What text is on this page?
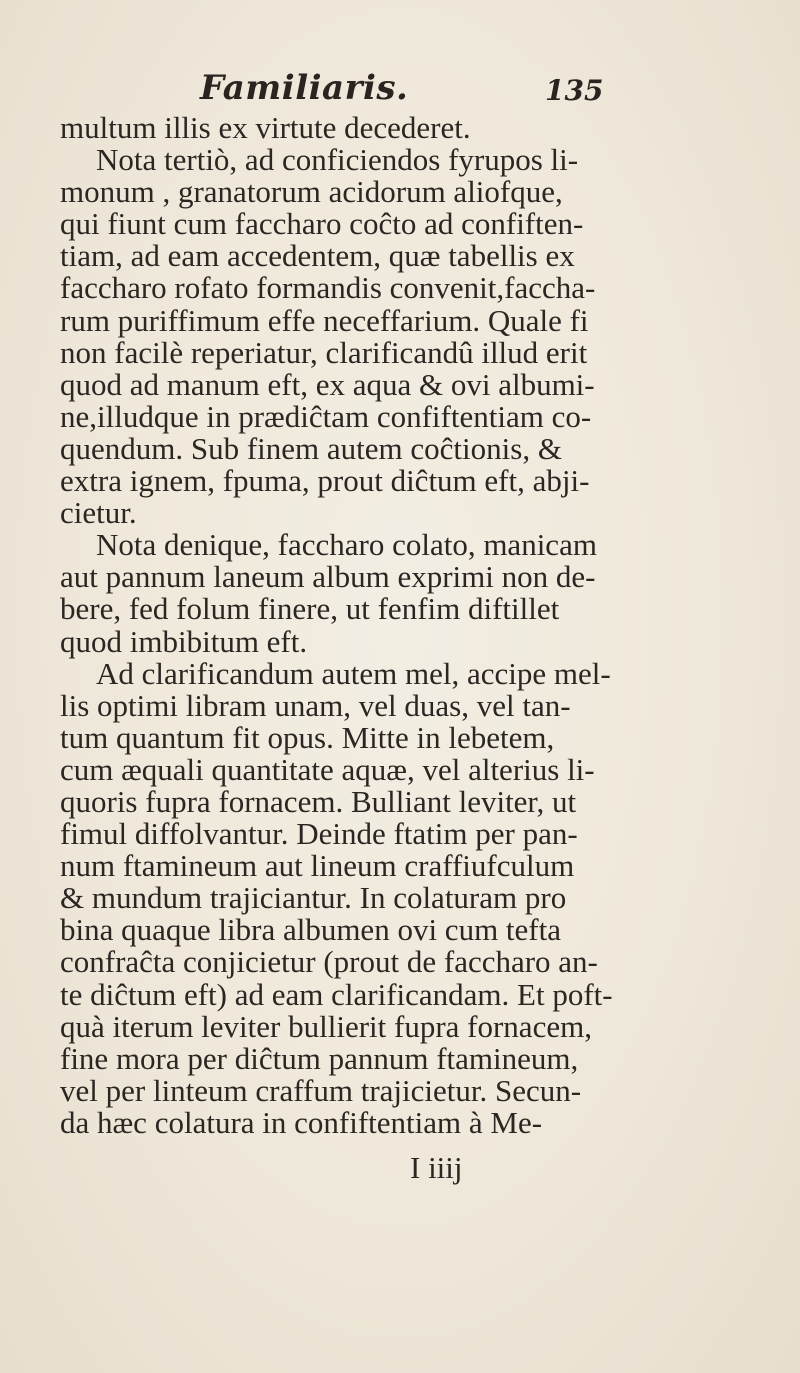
Familiaris.	135
multum illis ex virtute decederet.
Nota tertiò, ad conficiendos fyrupos li-
monum , granatorum acidorum aliofque,
qui fiunt cum faccharo coĉto ad confiften-
tiam, ad eam accedentem, quæ tabellis ex
faccharo rofato formandis convenit,faccha-
rum puriffimum effe neceffarium. Quale fi
non facilè reperiatur, clarificandû illud erit
quod ad manum eft, ex aqua & ovi albumi-
ne,illudque in prædiĉtam confiftentiam co-
quendum. Sub finem autem coĉtionis, &
extra ignem, fpuma, prout diĉtum eft, abji-
cietur.
Nota denique, faccharo colato, manicam
aut pannum laneum album exprimi non de-
bere, fed folum finere, ut fenfim diftillet
quod imbibitum eft.
Ad clarificandum autem mel, accipe mel-
lis optimi libram unam, vel duas, vel tan-
tum quantum fit opus. Mitte in lebetem,
cum æquali quantitate aquæ, vel alterius li-
quoris fupra fornacem. Bulliant leviter, ut
fimul diffolvantur. Deinde ftatim per pan-
num ftamineum aut lineum craffiufculum
& mundum trajiciantur. In colaturam pro
bina quaque libra albumen ovi cum tefta
confraĉta conjicietur (prout de faccharo an-
te diĉtum eft) ad eam clarificandam. Et poft-
quà iterum leviter bullierit fupra fornacem,
fine mora per diĉtum pannum ftamineum,
vel per linteum craffum trajicietur. Secun-
da hæc colatura in confiftentiam à Me-
I iiij
